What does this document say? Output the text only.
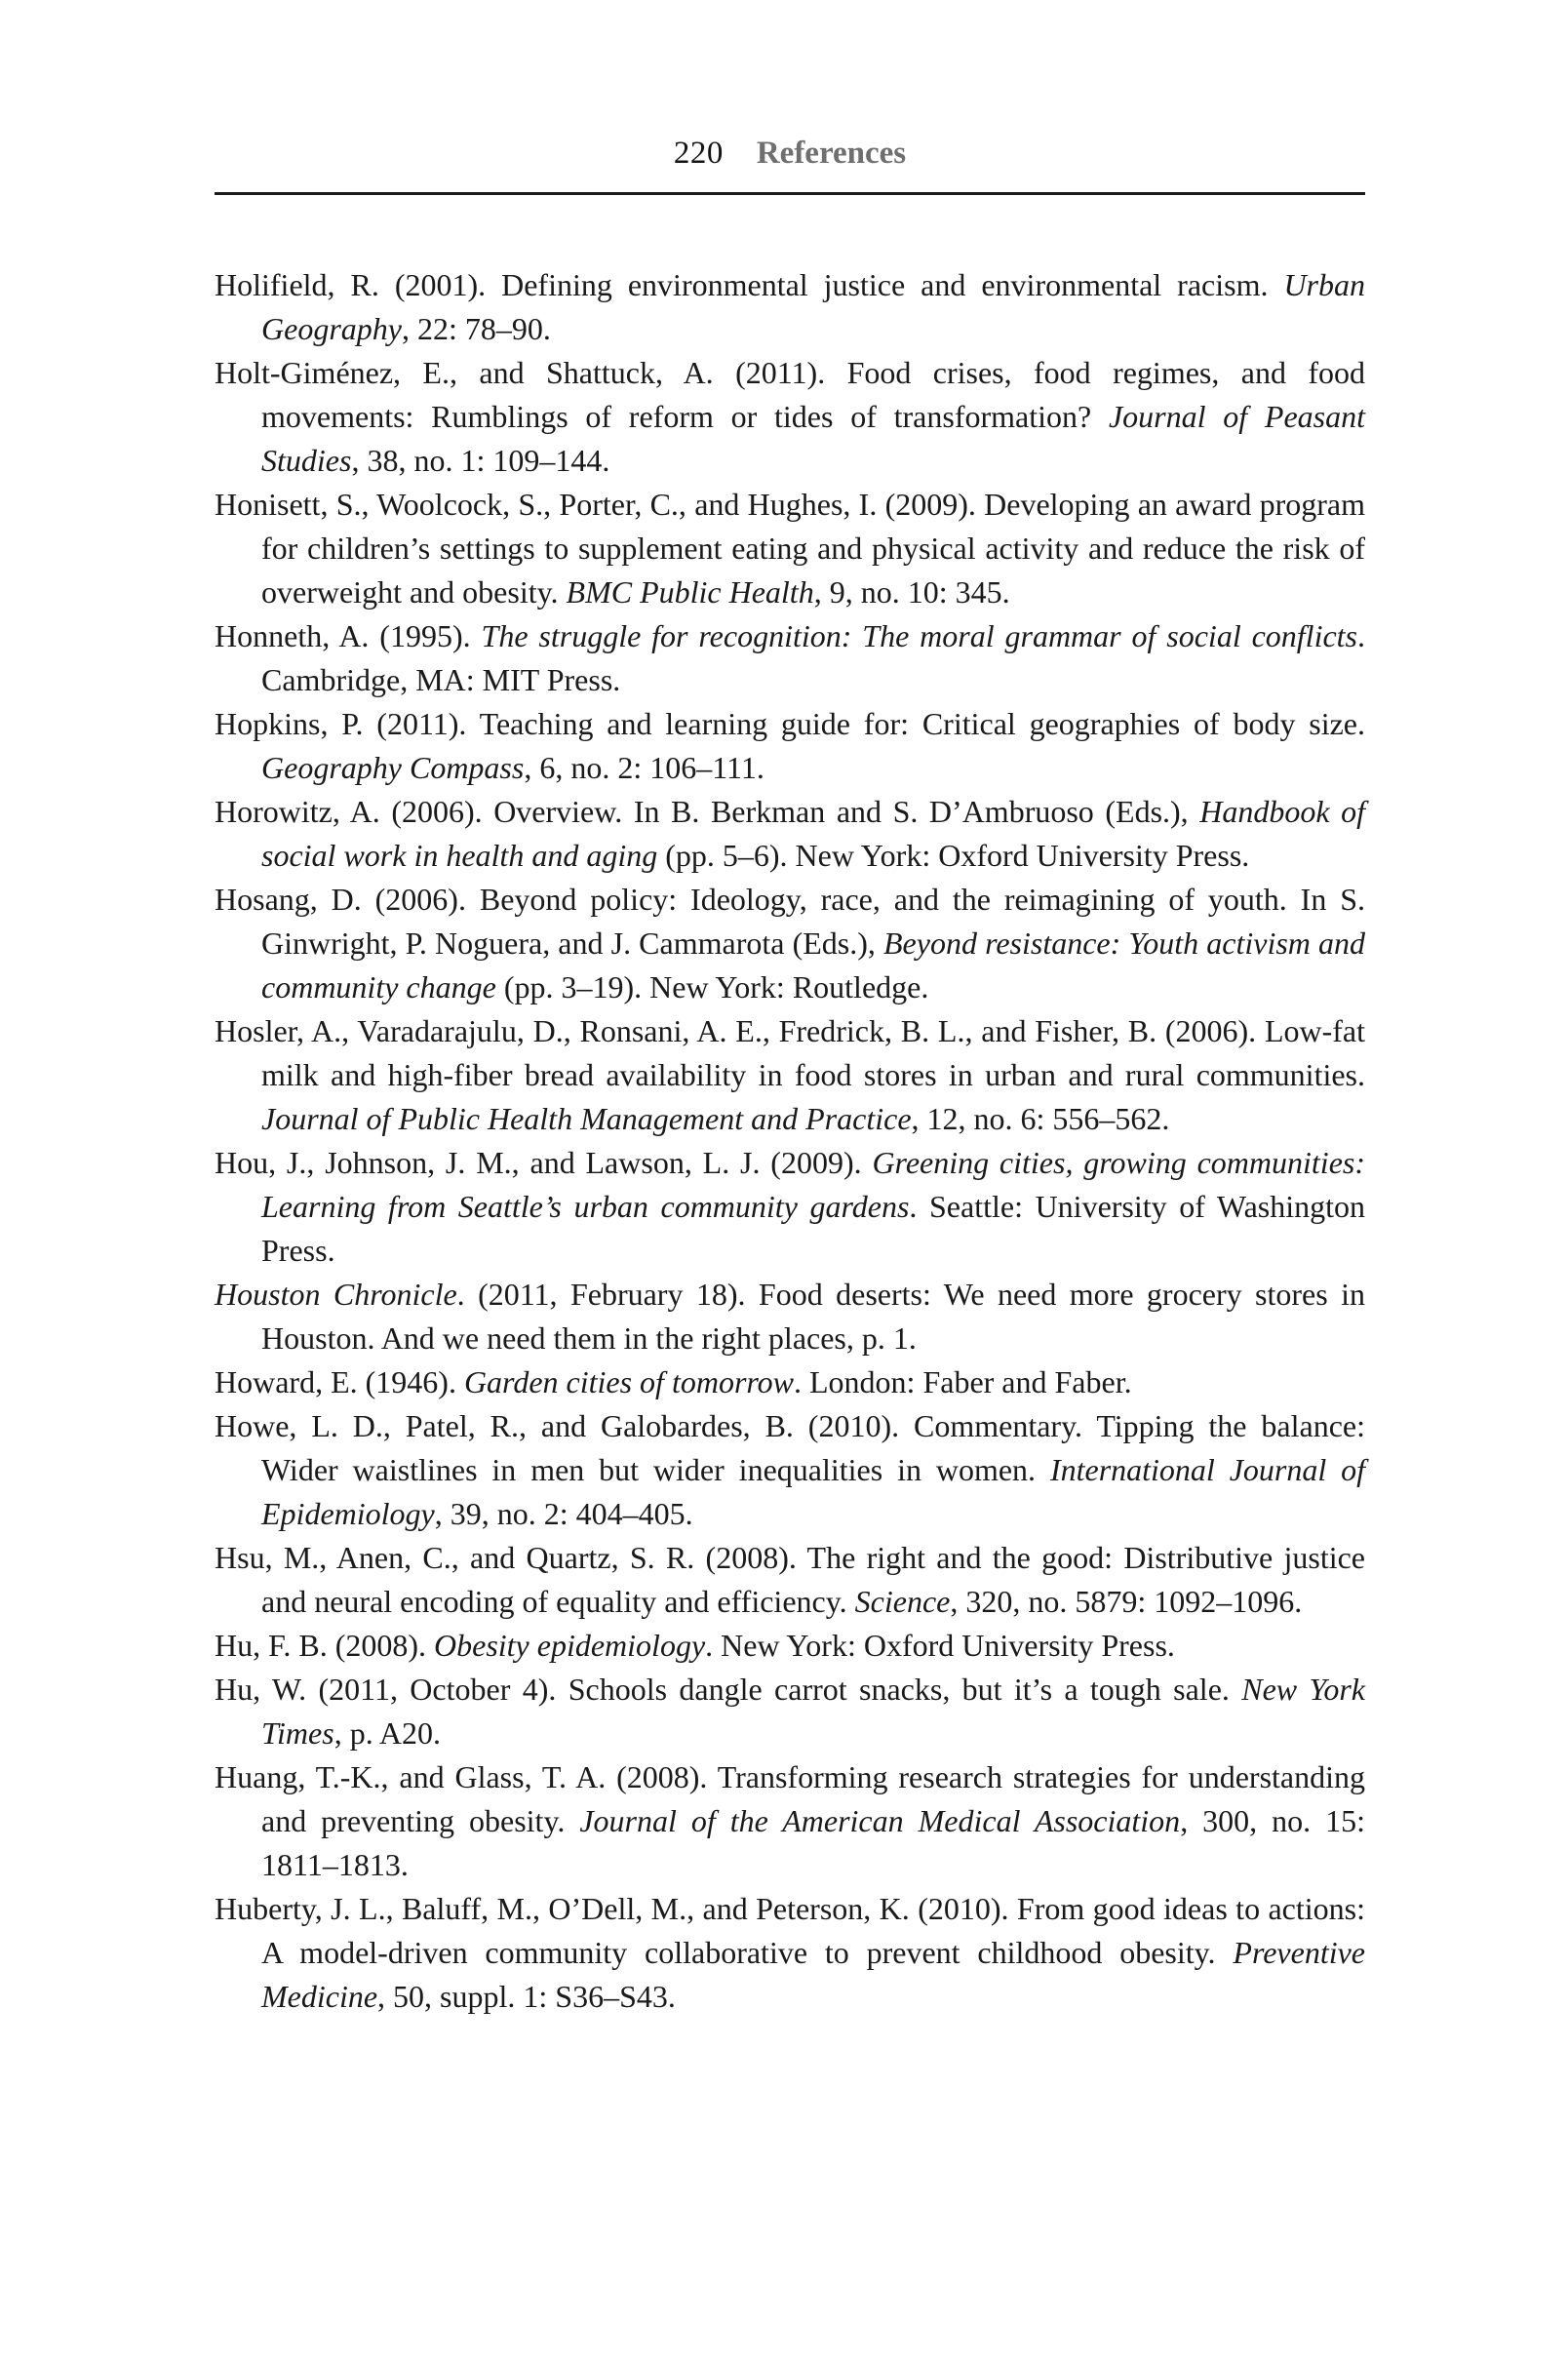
220 References

Holifield, R. (2001). Defining environmental justice and environmental racism. Urban Geography, 22: 78–90.

Holt-Giménez, E., and Shattuck, A. (2011). Food crises, food regimes, and food movements: Rumblings of reform or tides of transformation? Journal of Peasant Studies, 38, no. 1: 109–144.

Honisett, S., Woolcock, S., Porter, C., and Hughes, I. (2009). Developing an award program for children’s settings to supplement eating and physical activity and reduce the risk of overweight and obesity. BMC Public Health, 9, no. 10: 345.

Honneth, A. (1995). The struggle for recognition: The moral grammar of social conflicts. Cambridge, MA: MIT Press.

Hopkins, P. (2011). Teaching and learning guide for: Critical geographies of body size. Geography Compass, 6, no. 2: 106–111.

Horowitz, A. (2006). Overview. In B. Berkman and S. D’Ambruoso (Eds.), Handbook of social work in health and aging (pp. 5–6). New York: Oxford University Press.

Hosang, D. (2006). Beyond policy: Ideology, race, and the reimagining of youth. In S. Ginwright, P. Noguera, and J. Cammarota (Eds.), Beyond resistance: Youth activism and community change (pp. 3–19). New York: Routledge.

Hosler, A., Varadarajulu, D., Ronsani, A. E., Fredrick, B. L., and Fisher, B. (2006). Low-fat milk and high-fiber bread availability in food stores in urban and rural communities. Journal of Public Health Management and Practice, 12, no. 6: 556–562.

Hou, J., Johnson, J. M., and Lawson, L. J. (2009). Greening cities, growing communities: Learning from Seattle’s urban community gardens. Seattle: University of Washington Press.

Houston Chronicle. (2011, February 18). Food deserts: We need more grocery stores in Houston. And we need them in the right places, p. 1.

Howard, E. (1946). Garden cities of tomorrow. London: Faber and Faber.

Howe, L. D., Patel, R., and Galobardes, B. (2010). Commentary. Tipping the balance: Wider waistlines in men but wider inequalities in women. International Journal of Epidemiology, 39, no. 2: 404–405.

Hsu, M., Anen, C., and Quartz, S. R. (2008). The right and the good: Distributive justice and neural encoding of equality and efficiency. Science, 320, no. 5879: 1092–1096.

Hu, F. B. (2008). Obesity epidemiology. New York: Oxford University Press.

Hu, W. (2011, October 4). Schools dangle carrot snacks, but it’s a tough sale. New York Times, p. A20.

Huang, T.-K., and Glass, T. A. (2008). Transforming research strategies for understanding and preventing obesity. Journal of the American Medical Association, 300, no. 15: 1811–1813.

Huberty, J. L., Baluff, M., O’Dell, M., and Peterson, K. (2010). From good ideas to actions: A model-driven community collaborative to prevent childhood obesity. Preventive Medicine, 50, suppl. 1: S36–S43.
